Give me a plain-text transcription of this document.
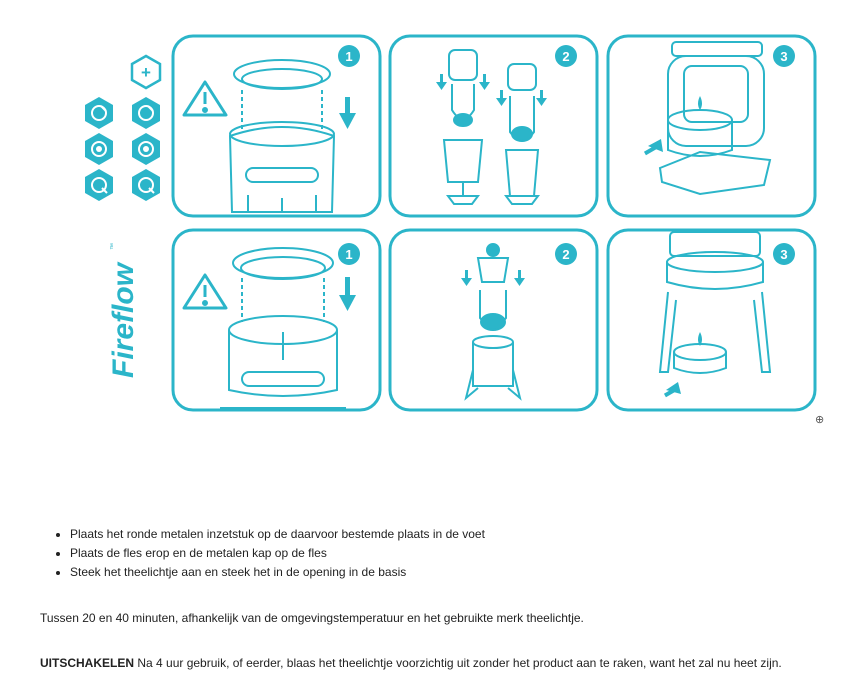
+
Fireflow
™
1	2	3
1	2	3
⊕
• Plaats het ronde metalen inzetstuk op de daarvoor bestemde plaats in de voet
• Plaats de fles erop en de metalen kap op de fles
• Steek het theelichtje aan en steek het in de opening in de basis

Tussen 20 en 40 minuten, afhankelijk van de omgevingstemperatuur en het gebruikte merk theelichtje.

UITSCHAKELEN Na 4 uur gebruik, of eerder, blaas het theelichtje voorzichtig uit zonder het product aan te raken, want het zal nu heet zijn.
